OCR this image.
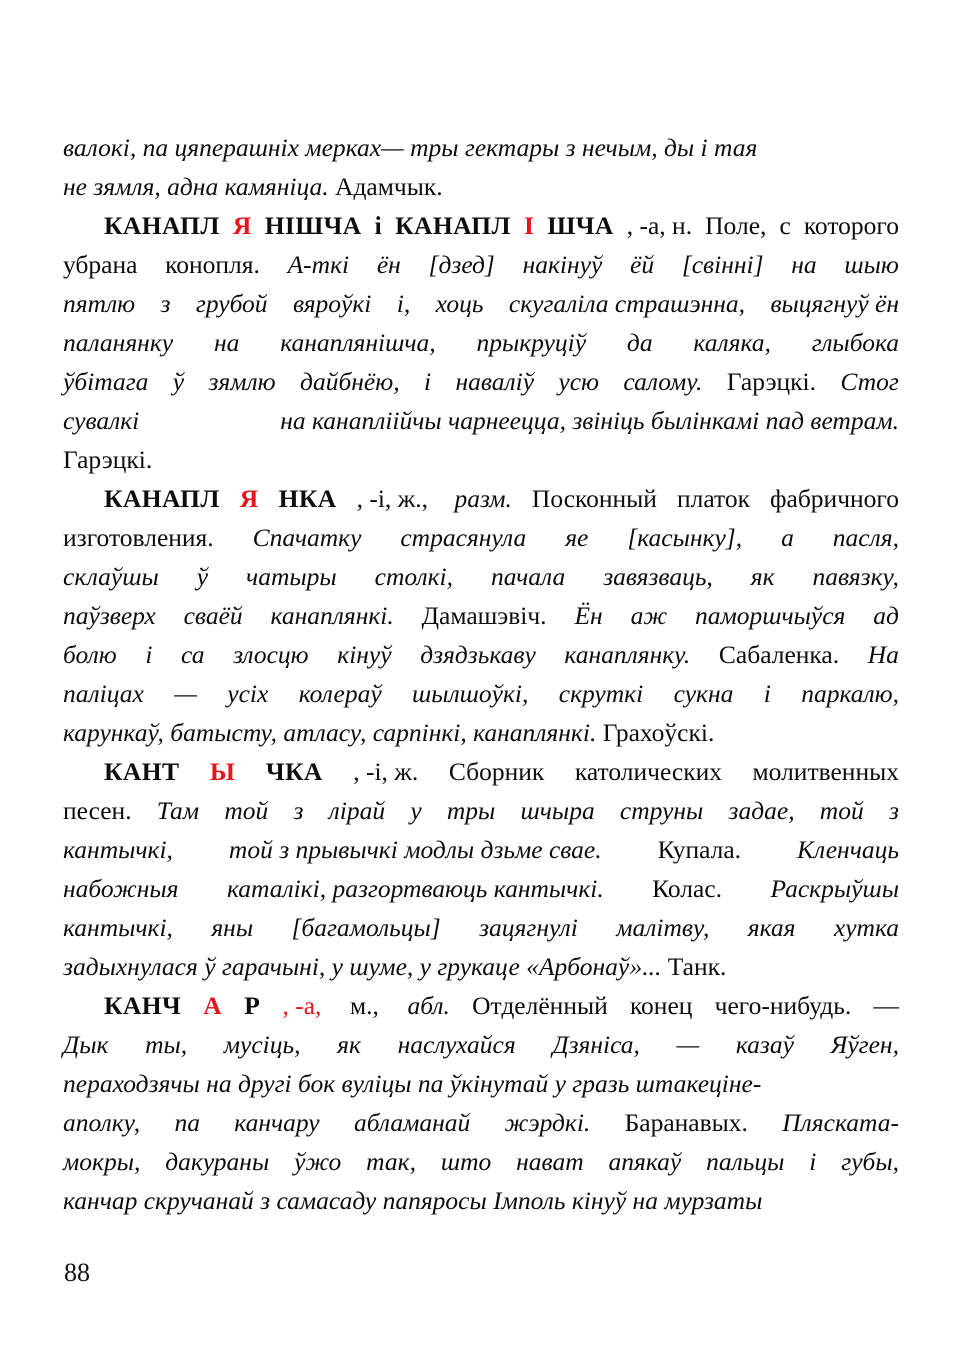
валокі, па цяперашніх мерках— тры гектары з нечым, ды і тая
не зямля, адна камяніца. Адамчык.
КАНАПЛ Я НІШЧА і КАНАПЛ І ШЧА , -а, н. Поле, с которого
убрана конопля. А-ткі ён [дзед] накінуў ёй [свінні] на шыю
пятлю з грубой вяроўкі і, хоць скугаліла страшэнна, выцягнуў ён
паланянку на канаплянішча, прыкруціў да каляка, глыбока
ўбітага ў зямлю дайбнёю, і наваліў усю салому. Гарэцкі. Стог
сувалкі	на канапліійчы чарнеецца, звініць былінкамі пад ветрам.
Гарэцкі.
КАНАПЛ Я НКА , -і, ж., разм. Посконный платок фабричного
изготовления. Спачатку страсянула яе [касынку], а пасля,
склаўшы ў чатыры столкі, пачала завязваць, як павязку,
паўзверх сваёй канаплянкі. Дамашэвіч. Ён аж паморшчыўся ад
болю і са злосцю кінуў дзядзькаву канаплянку. Сабаленка. На
паліцах — усіх колераў шылшоўкі, скруткі сукна і паркалю,
карункаў, батысту, атласу, сарпінкі, канаплянкі. Грахоўскі.
КАНТ Ы ЧКА , -і, ж. Сборник католических молитвенных
песен. Там той з лірай у тры шчыра струны задае, той з
кантычкі, той з прывычкі модлы дзьме свае. Купала. Кленчаць
набожныя каталікі, разгортваюць кантычкі. Колас. Раскрыўшы
кантычкі, яны [багамольцы] зацягнулі малітву, якая хутка
задыхнулася ў гарачыні, у шуме, у грукаце «Арбонаў»... Танк.
КАНЧ А Р , -а, м., абл. Отделённый конец чего-нибудь. —
Дык ты, мусіць, як наслухайся Дзяніса, — казаў Яўген,
пераходзячы на другі бок вуліцы па ўкінутай у гразь штакеціне-
аполку, па канчару абламанай жэрдкі. Баранавых. Пляската-
мокры, дакураны ўжо так, што нават апякаў пальцы і губы,
канчар скручанай з самасаду папяросы Імполь кінуў на мурзаты
88
